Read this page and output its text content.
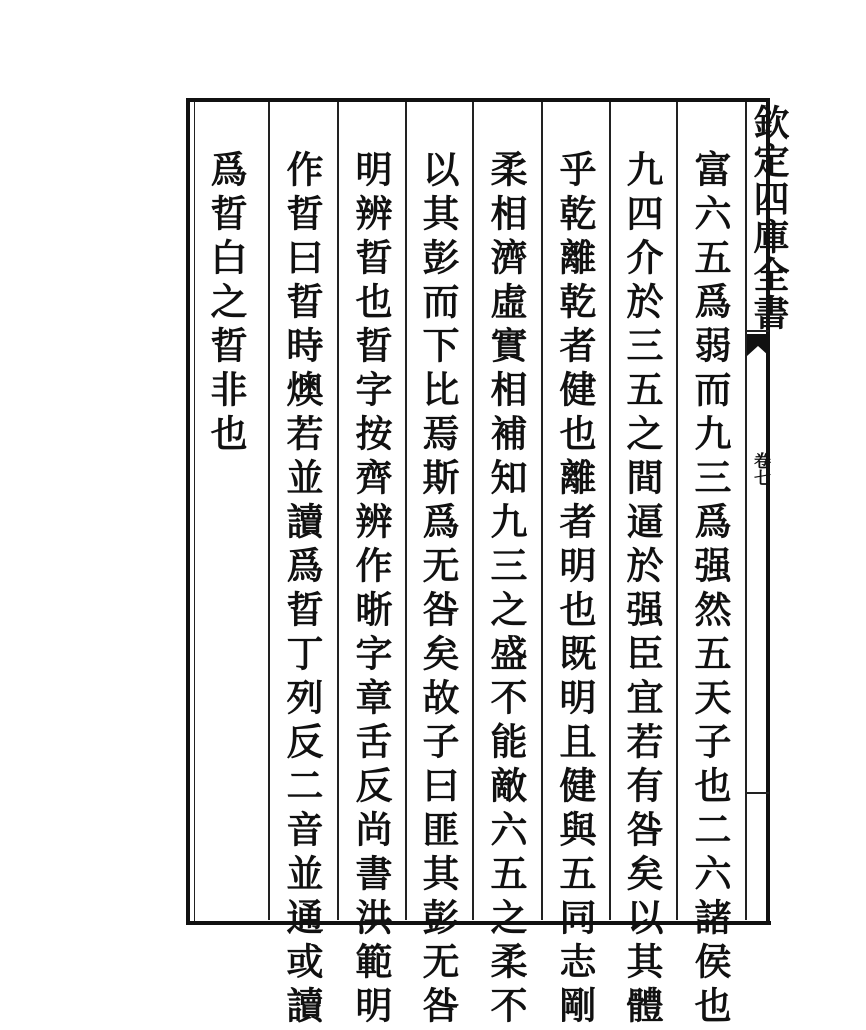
欽定四庫全書
卷七
富六五爲弱而九三爲强然五天子也二六諸侯也
九四介於三五之間逼於强臣宜若有咎矣以其體
乎乾離乾者健也離者明也既明且健與五同志剛
柔相濟虛實相補知九三之盛不能敵六五之柔不
以其彭而下比焉斯爲无咎矣故子曰匪其彭无咎
明辨晢也晢字按齊辨作晣字章舌反尚書洪範明
作晢曰晢時燠若並讀爲晢丁列反二音並通或讀
爲晢白之晢非也
